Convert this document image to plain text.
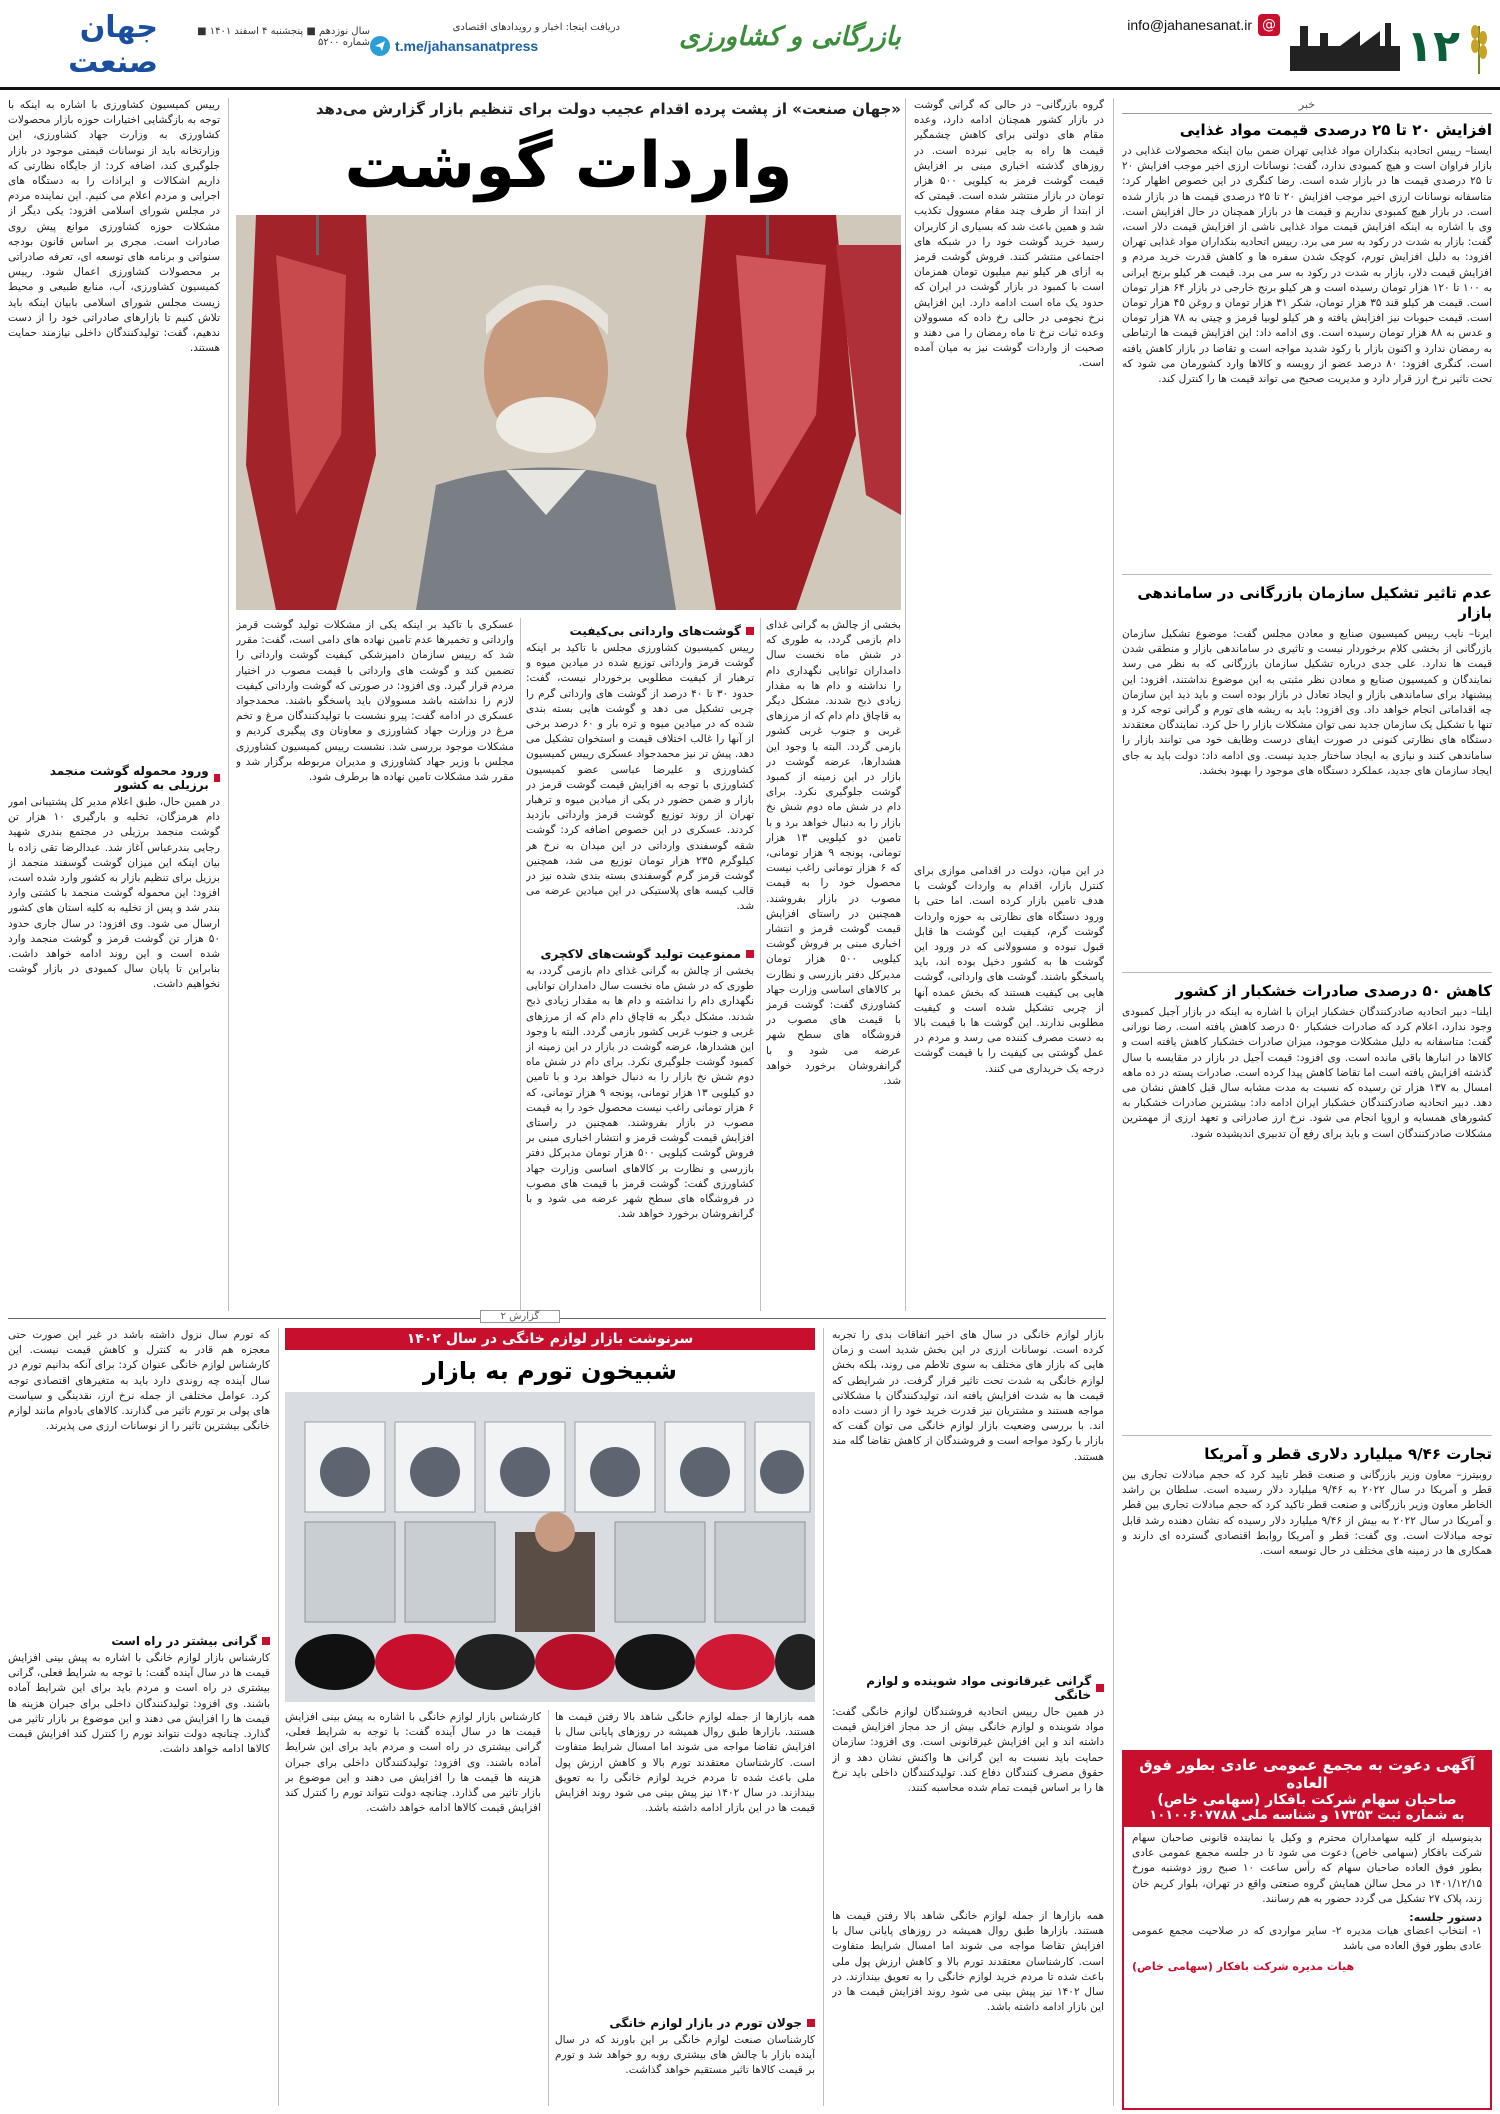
۱۲
@
info@jahanesanat.ir
بازرگانی و کشاورزی
دریافت اینجا: اخبار و رویدادهای اقتصادی
t.me/jahansanatpress
سال نوزدهم ■ پنجشنبه ۴ اسفند ۱۴۰۱ ■ شماره ۵۲۰۰
جهان صنعت
خبر
افزایش ۲۰ تا ۲۵ درصدی قیمت مواد غذایی
ایسنا– رییس اتحادیه بنکداران مواد غذایی تهران ضمن بیان اینکه محصولات غذایی در بازار فراوان است و هیچ کمبودی ندارد، گفت: نوسانات ارزی اخیر موجب افزایش ۲۰ تا ۲۵ درصدی قیمت ها در بازار شده است. رضا کنگری در این خصوص اظهار کرد: متاسفانه نوسانات ارزی اخیر موجب افزایش ۲۰ تا ۲۵ درصدی قیمت ها در بازار شده است. در بازار هیچ کمبودی نداریم و قیمت ها در بازار همچنان در حال افزایش است. وی با اشاره به اینکه افزایش قیمت مواد غذایی ناشی از افزایش قیمت دلار است، گفت: بازار به شدت در رکود به سر می برد. رییس اتحادیه بنکداران مواد غذایی تهران افزود: به دلیل افزایش تورم، کوچک شدن سفره ها و کاهش قدرت خرید مردم و افزایش قیمت دلار، بازار به شدت در رکود به سر می برد. قیمت هر کیلو برنج ایرانی به ۱۰۰ تا ۱۲۰ هزار تومان رسیده است و هر کیلو برنج خارجی در بازار ۶۴ هزار تومان است. قیمت هر کیلو قند ۳۵ هزار تومان، شکر ۳۱ هزار تومان و روغن ۴۵ هزار تومان است. قیمت حبوبات نیز افزایش یافته و هر کیلو لوبیا قرمز و چیتی به ۷۸ هزار تومان و عدس به ۸۸ هزار تومان رسیده است. وی ادامه داد: این افزایش قیمت ها ارتباطی به رمضان ندارد و اکنون بازار با رکود شدید مواجه است و تقاضا در بازار کاهش یافته است. کنگری افزود: ۸۰ درصد عضو از رویسه و کالاها وارد کشورمان می شود که تحت تاثیر نرخ ارز قرار دارد و مدیریت صحیح می تواند قیمت ها را کنترل کند.
عدم تاثیر تشکیل سازمان بازرگانی در ساماندهی بازار
ایرنا– نایب رییس کمیسیون صنایع و معادن مجلس گفت: موضوع تشکیل سازمان بازرگانی از بخشی کلام برخوردار نیست و تاثیری در ساماندهی بازار و منطقی شدن قیمت ها ندارد. علی جدی درباره تشکیل سازمان بازرگانی که به نظر می رسد نمایندگان و کمیسیون صنایع و معادن نظر مثبتی به این موضوع نداشتند، افزود: این پیشنهاد برای ساماندهی بازار و ایجاد تعادل در بازار بوده است و باید دید این سازمان چه اقداماتی انجام خواهد داد. وی افزود: باید به ریشه های تورم و گرانی توجه کرد و تنها با تشکیل یک سازمان جدید نمی توان مشکلات بازار را حل کرد. نمایندگان معتقدند دستگاه های نظارتی کنونی در صورت ایفای درست وظایف خود می توانند بازار را ساماندهی کنند و نیازی به ایجاد ساختار جدید نیست. وی ادامه داد: دولت باید به جای ایجاد سازمان های جدید، عملکرد دستگاه های موجود را بهبود بخشد.
کاهش ۵۰ درصدی صادرات خشکبار از کشور
ایلنا– دبیر اتحادیه صادرکنندگان خشکبار ایران با اشاره به اینکه در بازار آجیل کمبودی وجود ندارد، اعلام کرد که صادرات خشکبار ۵۰ درصد کاهش یافته است. رضا نورانی گفت: متاسفانه به دلیل مشکلات موجود، میزان صادرات خشکبار کاهش یافته است و کالاها در انبارها باقی مانده است. وی افزود: قیمت آجیل در بازار در مقایسه با سال گذشته افزایش یافته است اما تقاضا کاهش پیدا کرده است. صادرات پسته در ده ماهه امسال به ۱۳۷ هزار تن رسیده که نسبت به مدت مشابه سال قبل کاهش نشان می دهد. دبیر اتحادیه صادرکنندگان خشکبار ایران ادامه داد: بیشترین صادرات خشکبار به کشورهای همسایه و اروپا انجام می شود. نرخ ارز صادراتی و تعهد ارزی از مهمترین مشکلات صادرکنندگان است و باید برای رفع آن تدبیری اندیشیده شود.
تجارت ۹/۴۶ میلیارد دلاری قطر و آمریکا
روبیترز– معاون وزیر بازرگانی و صنعت قطر تایید کرد که حجم مبادلات تجاری بین قطر و آمریکا در سال ۲۰۲۲ به ۹/۴۶ میلیارد دلار رسیده است. سلطان بن راشد الخاطر معاون وزیر بازرگانی و صنعت قطر تاکید کرد که حجم مبادلات تجاری بین قطر و آمریکا در سال ۲۰۲۲ به بیش از ۹/۴۶ میلیارد دلار رسیده که نشان دهنده رشد قابل توجه مبادلات است. وی گفت: قطر و آمریکا روابط اقتصادی گسترده ای دارند و همکاری ها در زمینه های مختلف در حال توسعه است.
آگهی دعوت به مجمع عمومی عادی بطور فوق العاده
صاحبان سهام شرکت بافکار (سهامی خاص)
به شماره ثبت ۱۷۳۵۳ و شناسه ملی ۱۰۱۰۰۶۰۷۷۸۸
بدینوسیله از کلیه سهامداران محترم و وکیل یا نماینده قانونی صاحبان سهام شرکت بافکار (سهامی خاص) دعوت می شود تا در جلسه مجمع عمومی عادی بطور فوق العاده صاحبان سهام که رأس ساعت ۱۰ صبح روز دوشنبه مورخ ۱۴۰۱/۱۲/۱۵ در محل سالن همایش گروه صنعتی واقع در تهران، بلوار کریم خان زند، پلاک ۲۷ تشکیل می گردد حضور به هم رسانند.
دستور جلسه:
۱- انتخاب اعضای هیات مدیره ۲- سایر مواردی که در صلاحیت مجمع عمومی عادی بطور فوق العاده می باشد
هیات مدیره شرکت بافکار (سهامی خاص)
گروه بازرگانی– در حالی که گرانی گوشت در بازار کشور همچنان ادامه دارد، وعده مقام های دولتی برای کاهش چشمگیر قیمت ها راه به جایی نبرده است. در روزهای گذشته اخباری مبنی بر افزایش قیمت گوشت قرمز به کیلویی ۵۰۰ هزار تومان در بازار منتشر شده است. قیمتی که از ابتدا از طرف چند مقام مسوول تکذیب شد و همین باعث شد که بسیاری از کاربران رسید خرید گوشت خود را در شبکه های اجتماعی منتشر کنند. فروش گوشت قرمز به ازای هر کیلو نیم میلیون تومان همزمان است با کمبود در بازار گوشت در ایران که حدود یک ماه است ادامه دارد. این افزایش نرخ نجومی در حالی رخ داده که مسوولان وعده ثبات نرخ تا ماه رمضان را می دهند و صحبت از واردات گوشت نیز به میان آمده است.
در این میان، دولت در اقدامی موازی برای کنترل بازار، اقدام به واردات گوشت با هدف تامین بازار کرده است. اما حتی با ورود دستگاه های نظارتی به حوزه واردات گوشت گرم، کیفیت این گوشت ها قابل قبول نبوده و مسوولانی که در ورود این گوشت ها به کشور دخیل بوده اند، باید پاسخگو باشند. گوشت های وارداتی، گوشت هایی بی کیفیت هستند که بخش عمده آنها از چربی تشکیل شده است و کیفیت مطلوبی ندارند. این گوشت ها با قیمت بالا به دست مصرف کننده می رسد و مردم در عمل گوشتی بی کیفیت را با قیمت گوشت درجه یک خریداری می کنند.
«جهان صنعت» از پشت پرده اقدام عجیب دولت برای تنظیم بازار گزارش می‌دهد
واردات گوشت
بخشی از چالش به گرانی غذای دام بازمی گردد، به طوری که در شش ماه نخست سال دامداران توانایی نگهداری دام را نداشته و دام ها به مقدار زیادی ذبح شدند. مشکل دیگر به قاچاق دام دام که از مرزهای غربی و جنوب غربی کشور بازمی گردد. البته با وجود این هشدارها، عرضه گوشت در بازار در این زمینه از کمبود گوشت جلوگیری نکرد. برای دام در شش ماه دوم شش نخ بازار را به دنبال خواهد برد و با تامین دو کیلویی ۱۳ هزار تومانی، پونجه ۹ هزار تومانی، که ۶ هزار تومانی راغب نیست محصول خود را به قیمت مصوب در بازار بفروشند. همچنین در راستای افزایش قیمت گوشت قرمز و انتشار اخباری مبنی بر فروش گوشت کیلویی ۵۰۰ هزار تومان مدیرکل دفتر بازرسی و نظارت بر کالاهای اساسی وزارت جهاد کشاورزی گفت: گوشت قرمز با قیمت های مصوب در فروشگاه های سطح شهر عرضه می شود و با گرانفروشان برخورد خواهد شد.
گوشت‌های وارداتی بی‌کیفیت
رییس کمیسیون کشاورزی مجلس با تاکید بر اینکه گوشت قرمز وارداتی توزیع شده در میادین میوه و ترهبار از کیفیت مطلوبی برخوردار نیست، گفت: حدود ۳۰ تا ۴۰ درصد از گوشت های وارداتی گرم را چربی تشکیل می دهد و گوشت هایی بسته بندی شده که در میادین میوه و تره بار و ۶۰ درصد برخی از آنها را غالب اختلاف قیمت و استخوان تشکیل می دهد. پیش تر نیز محمدجواد عسکری رییس کمیسیون کشاورزی و علیرضا عباسی عضو کمیسیون کشاورزی با توجه به افزایش قیمت گوشت قرمز در بازار و ضمن حضور در یکی از میادین میوه و ترهبار تهران از روند توزیع گوشت قرمز وارداتی بازدید کردند. عسکری در این خصوص اضافه کرد: گوشت شقه گوسفندی وارداتی در این میدان به نرخ هر کیلوگرم ۲۳۵ هزار تومان توزیع می شد، همچنین گوشت قرمز گرم گوسفندی بسته بندی شده نیز در قالب کیسه های پلاستیکی در این میادین عرضه می شد.
ممنوعیت تولید گوشت‌های لاکچری
بخشی از چالش به گرانی غذای دام بازمی گردد، به طوری که در شش ماه نخست سال دامداران توانایی نگهداری دام را نداشته و دام ها به مقدار زیادی ذبح شدند. مشکل دیگر به قاچاق دام دام که از مرزهای غربی و جنوب غربی کشور بازمی گردد. البته با وجود این هشدارها، عرضه گوشت در بازار در این زمینه از کمبود گوشت جلوگیری نکرد. برای دام در شش ماه دوم شش نخ بازار را به دنبال خواهد برد و با تامین دو کیلویی ۱۳ هزار تومانی، پونجه ۹ هزار تومانی، که ۶ هزار تومانی راغب نیست محصول خود را به قیمت مصوب در بازار بفروشند. همچنین در راستای افزایش قیمت گوشت قرمز و انتشار اخباری مبنی بر فروش گوشت کیلویی ۵۰۰ هزار تومان مدیرکل دفتر بازرسی و نظارت بر کالاهای اساسی وزارت جهاد کشاورزی گفت: گوشت قرمز با قیمت های مصوب در فروشگاه های سطح شهر عرضه می شود و با گرانفروشان برخورد خواهد شد.
عسکری با تاکید بر اینکه یکی از مشکلات تولید گوشت قرمز وارداتی و تخمیرها عدم تامین نهاده های دامی است، گفت: مقرر شد که رییس سازمان دامپزشکی کیفیت گوشت وارداتی را تضمین کند و گوشت های وارداتی با قیمت مصوب در اختیار مردم قرار گیرد. وی افزود: در صورتی که گوشت وارداتی کیفیت لازم را نداشته باشد مسوولان باید پاسخگو باشند. محمدجواد عسکری در ادامه گفت: پیرو نشست با تولیدکنندگان مرغ و تخم مرغ در وزارت جهاد کشاورزی و معاونان وی پیگیری کردیم و مشکلات موجود بررسی شد. نشست رییس کمیسیون کشاورزی مجلس با وزیر جهاد کشاورزی و مدیران مربوطه برگزار شد و مقرر شد مشکلات تامین نهاده ها برطرف شود.
رییس کمیسیون کشاورزی با اشاره به اینکه با توجه به بازگشایی اختیارات حوزه بازار محصولات کشاورزی به وزارت جهاد کشاورزی، این وزارتخانه باید از نوسانات قیمتی موجود در بازار جلوگیری کند، اضافه کرد: از جایگاه نظارتی که داریم اشکالات و ایرادات را به دستگاه های اجرایی و مردم اعلام می کنیم. این نماینده مردم در مجلس شورای اسلامی افزود: یکی دیگر از مشکلات حوزه کشاورزی موانع پیش روی صادرات است. مجری بر اساس قانون بودجه سنواتی و برنامه های توسعه ای، تعرفه صادراتی بر محصولات کشاورزی اعمال شود. رییس کمیسیون کشاورزی، آب، منابع طبیعی و محیط زیست مجلس شورای اسلامی بابیان اینکه باید تلاش کنیم تا بازارهای صادراتی خود را از دست ندهیم، گفت: تولیدکنندگان داخلی نیازمند حمایت هستند.
ورود محموله گوشت منجمد برزیلی به کشور
در همین حال، طبق اعلام مدیر کل پشتیبانی امور دام هرمزگان، تخلیه و بارگیری ۱۰ هزار تن گوشت منجمد برزیلی در مجتمع بندری شهید رجایی بندرعباس آغاز شد. عبدالرضا تقی زاده با بیان اینکه این میزان گوشت گوسفند منجمد از برزیل برای تنظیم بازار به کشور وارد شده است، افزود: این محموله گوشت منجمد با کشتی وارد بندر شد و پس از تخلیه به کلیه استان های کشور ارسال می شود. وی افزود: در سال جاری حدود ۵۰ هزار تن گوشت قرمز و گوشت منجمد وارد شده است و این روند ادامه خواهد داشت. بنابراین تا پایان سال کمبودی در بازار گوشت نخواهیم داشت.
گزارش ۲
بازار لوازم خانگی در سال های اخیر اتفاقات بدی را تجربه کرده است. نوسانات ارزی در این بخش شدید است و زمان هایی که بازار های مختلف به سوی تلاطم می روند، بلکه بخش لوازم خانگی به شدت تحت تاثیر قرار گرفت. در شرایطی که قیمت ها به شدت افزایش یافته اند، تولیدکنندگان با مشکلاتی مواجه هستند و مشتریان نیز قدرت خرید خود را از دست داده اند. با بررسی وضعیت بازار لوازم خانگی می توان گفت که بازار با رکود مواجه است و فروشندگان از کاهش تقاضا گله مند هستند.
گرانی غیرقانونی مواد شوینده و لوازم خانگی
در همین حال رییس اتحادیه فروشندگان لوازم خانگی گفت: مواد شوینده و لوازم خانگی بیش از حد مجاز افزایش قیمت داشته اند و این افزایش غیرقانونی است. وی افزود: سازمان حمایت باید نسبت به این گرانی ها واکنش نشان دهد و از حقوق مصرف کنندگان دفاع کند. تولیدکنندگان داخلی باید نرخ ها را بر اساس قیمت تمام شده محاسبه کنند.
همه بازارها از جمله لوازم خانگی شاهد بالا رفتن قیمت ها هستند. بازارها طبق روال همیشه در روزهای پایانی سال با افزایش تقاضا مواجه می شوند اما امسال شرایط متفاوت است. کارشناسان معتقدند تورم بالا و کاهش ارزش پول ملی باعث شده تا مردم خرید لوازم خانگی را به تعویق بیندازند. در سال ۱۴۰۲ نیز پیش بینی می شود روند افزایش قیمت ها در این بازار ادامه داشته باشد.
سرنوشت بازار لوازم خانگی در سال ۱۴۰۲
شبیخون تورم به بازار
همه بازارها از جمله لوازم خانگی شاهد بالا رفتن قیمت ها هستند. بازارها طبق روال همیشه در روزهای پایانی سال با افزایش تقاضا مواجه می شوند اما امسال شرایط متفاوت است. کارشناسان معتقدند تورم بالا و کاهش ارزش پول ملی باعث شده تا مردم خرید لوازم خانگی را به تعویق بیندازند. در سال ۱۴۰۲ نیز پیش بینی می شود روند افزایش قیمت ها در این بازار ادامه داشته باشد.
جولان تورم در بازار لوازم خانگی
کارشناسان صنعت لوازم خانگی بر این باورند که در سال آینده بازار با چالش های بیشتری روبه رو خواهد شد و تورم بر قیمت کالاها تاثیر مستقیم خواهد گذاشت.
کارشناس بازار لوازم خانگی با اشاره به پیش بینی افزایش قیمت ها در سال آینده گفت: با توجه به شرایط فعلی، گرانی بیشتری در راه است و مردم باید برای این شرایط آماده باشند. وی افزود: تولیدکنندگان داخلی برای جبران هزینه ها قیمت ها را افزایش می دهند و این موضوع بر بازار تاثیر می گذارد. چنانچه دولت نتواند تورم را کنترل کند افزایش قیمت کالاها ادامه خواهد داشت.
که تورم سال نزول داشته باشد در غیر این صورت حتی معجزه هم قادر به کنترل و کاهش قیمت نیست. این کارشناس لوازم خانگی عنوان کرد: برای آنکه بدانیم تورم در سال آینده چه روندی دارد باید به متغیرهای اقتصادی توجه کرد. عوامل مختلفی از جمله نرخ ارز، نقدینگی و سیاست های پولی بر تورم تاثیر می گذارند. کالاهای بادوام مانند لوازم خانگی بیشترین تاثیر را از نوسانات ارزی می پذیرند.
گرانی بیشتر در راه است
کارشناس بازار لوازم خانگی با اشاره به پیش بینی افزایش قیمت ها در سال آینده گفت: با توجه به شرایط فعلی، گرانی بیشتری در راه است و مردم باید برای این شرایط آماده باشند. وی افزود: تولیدکنندگان داخلی برای جبران هزینه ها قیمت ها را افزایش می دهند و این موضوع بر بازار تاثیر می گذارد. چنانچه دولت نتواند تورم را کنترل کند افزایش قیمت کالاها ادامه خواهد داشت.
